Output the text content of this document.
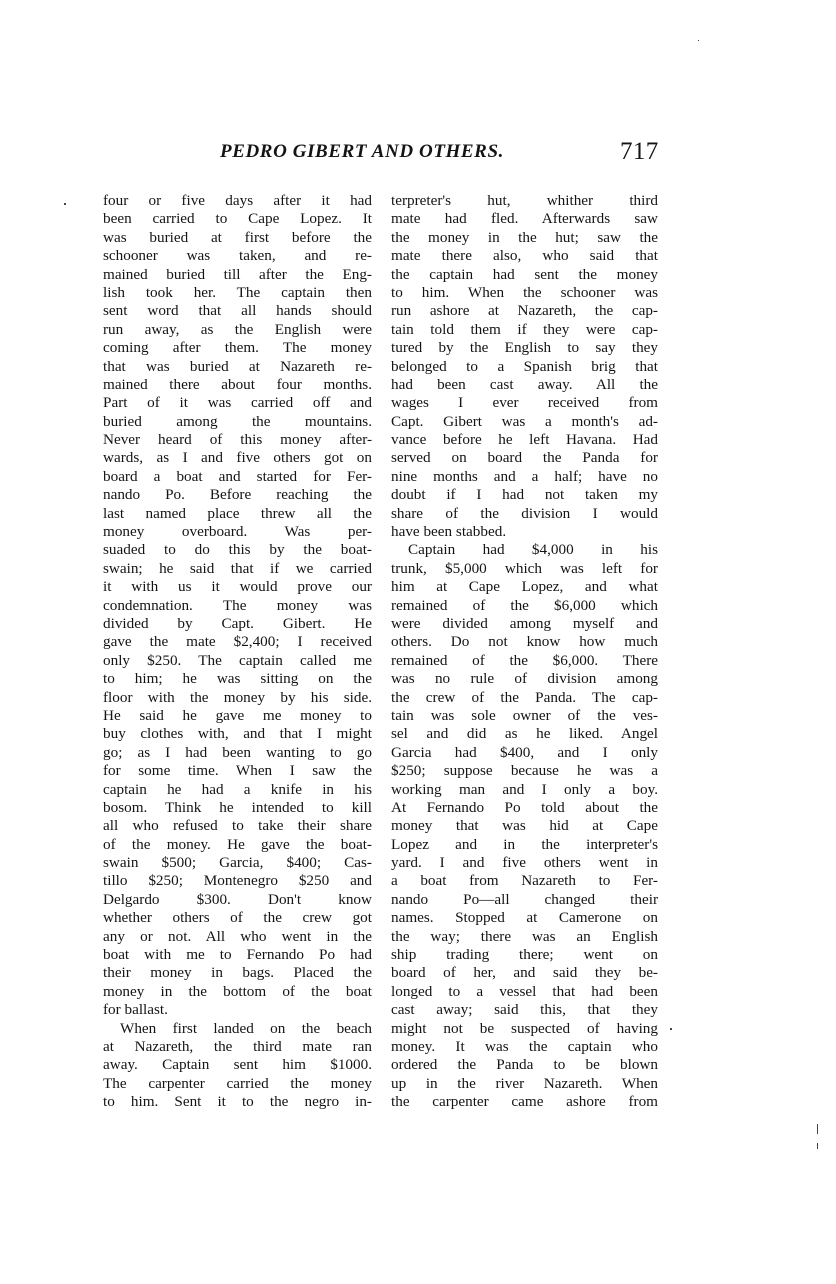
PEDRO GIBERT AND OTHERS.	717
four or five days after it had
been carried to Cape Lopez. It
was buried at first before the
schooner was taken, and re-
mained buried till after the Eng-
lish took her. The captain then
sent word that all hands should
run away, as the English were
coming after them. The money
that was buried at Nazareth re-
mained there about four months.
Part of it was carried off and
buried among the mountains.
Never heard of this money after-
wards, as I and five others got on
board a boat and started for Fer-
nando Po. Before reaching the
last named place threw all the
money overboard. Was per-
suaded to do this by the boat-
swain; he said that if we carried
it with us it would prove our
condemnation. The money was
divided by Capt. Gibert. He
gave the mate $2,400; I received
only $250. The captain called me
to him; he was sitting on the
floor with the money by his side.
He said he gave me money to
buy clothes with, and that I might
go; as I had been wanting to go
for some time. When I saw the
captain he had a knife in his
bosom. Think he intended to kill
all who refused to take their share
of the money. He gave the boat-
swain $500; Garcia, $400; Cas-
tillo $250; Montenegro $250 and
Delgardo $300. Don't know
whether others of the crew got
any or not. All who went in the
boat with me to Fernando Po had
their money in bags. Placed the
money in the bottom of the boat
for ballast.
When first landed on the beach
at Nazareth, the third mate ran
away. Captain sent him $1000.
The carpenter carried the money
to him. Sent it to the negro in-
terpreter's hut, whither third
mate had fled. Afterwards saw
the money in the hut; saw the
mate there also, who said that
the captain had sent the money
to him. When the schooner was
run ashore at Nazareth, the cap-
tain told them if they were cap-
tured by the English to say they
belonged to a Spanish brig that
had been cast away. All the
wages I ever received from
Capt. Gibert was a month's ad-
vance before he left Havana. Had
served on board the Panda for
nine months and a half; have no
doubt if I had not taken my
share of the division I would
have been stabbed.
Captain had $4,000 in his
trunk, $5,000 which was left for
him at Cape Lopez, and what
remained of the $6,000 which
were divided among myself and
others. Do not know how much
remained of the $6,000. There
was no rule of division among
the crew of the Panda. The cap-
tain was sole owner of the ves-
sel and did as he liked. Angel
Garcia had $400, and I only
$250; suppose because he was a
working man and I only a boy.
At Fernando Po told about the
money that was hid at Cape
Lopez and in the interpreter's
yard. I and five others went in
a boat from Nazareth to Fer-
nando Po—all changed their
names. Stopped at Camerone on
the way; there was an English
ship trading there; went on
board of her, and said they be-
longed to a vessel that had been
cast away; said this, that they
might not be suspected of having
money. It was the captain who
ordered the Panda to be blown
up in the river Nazareth. When
the carpenter came ashore from
